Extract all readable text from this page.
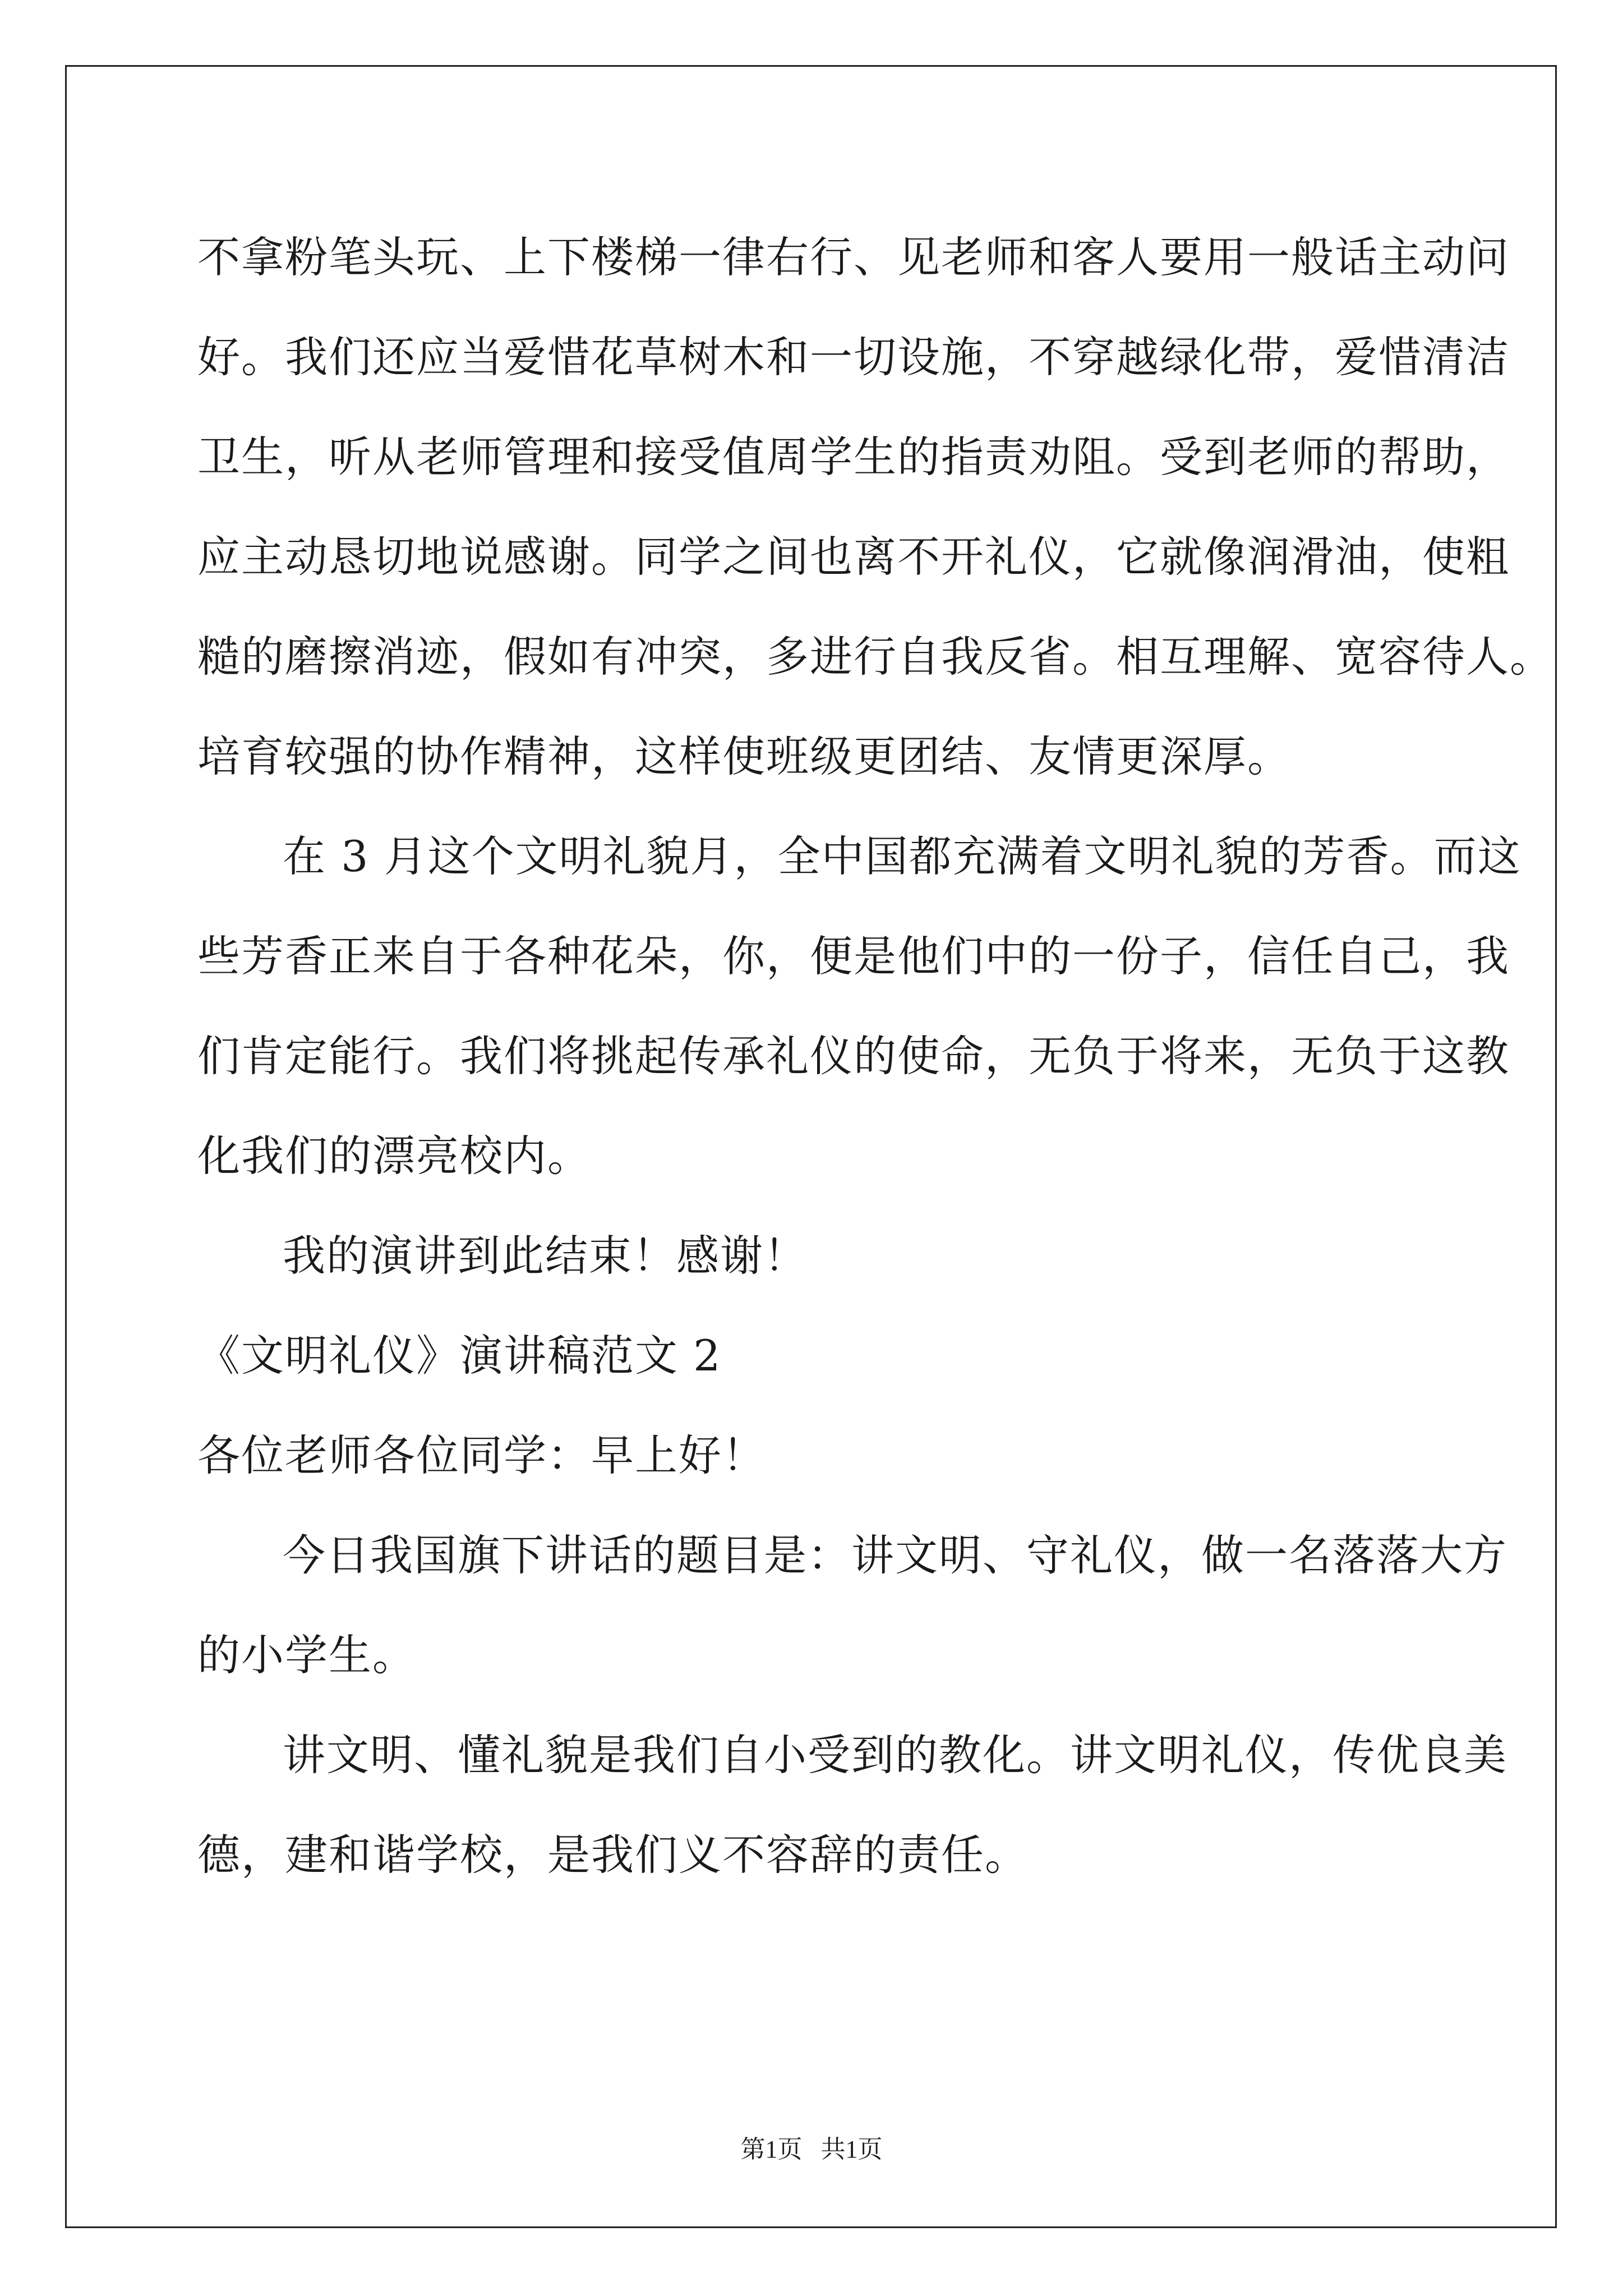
不拿粉笔头玩、上下楼梯一律右行、见老师和客人要用一般话主动问
好。我们还应当爱惜花草树木和一切设施，不穿越绿化带，爱惜清洁
卫生，听从老师管理和接受值周学生的指责劝阻。受到老师的帮助，
应主动恳切地说感谢。同学之间也离不开礼仪，它就像润滑油，使粗
糙的磨擦消迹，假如有冲突，多进行自我反省。相互理解、宽容待人。
培育较强的协作精神，这样使班级更团结、友情更深厚。
在 3 月这个文明礼貌月，全中国都充满着文明礼貌的芳香。而这
些芳香正来自于各种花朵，你，便是他们中的一份子，信任自己，我
们肯定能行。我们将挑起传承礼仪的使命，无负于将来，无负于这教
化我们的漂亮校内。
我的演讲到此结束！感谢！
《文明礼仪》演讲稿范文 2
各位老师各位同学：早上好！
今日我国旗下讲话的题目是：讲文明、守礼仪，做一名落落大方
的小学生。
讲文明、懂礼貌是我们自小受到的教化。讲文明礼仪，传优良美
德，建和谐学校，是我们义不容辞的责任。
第1页   共1页
